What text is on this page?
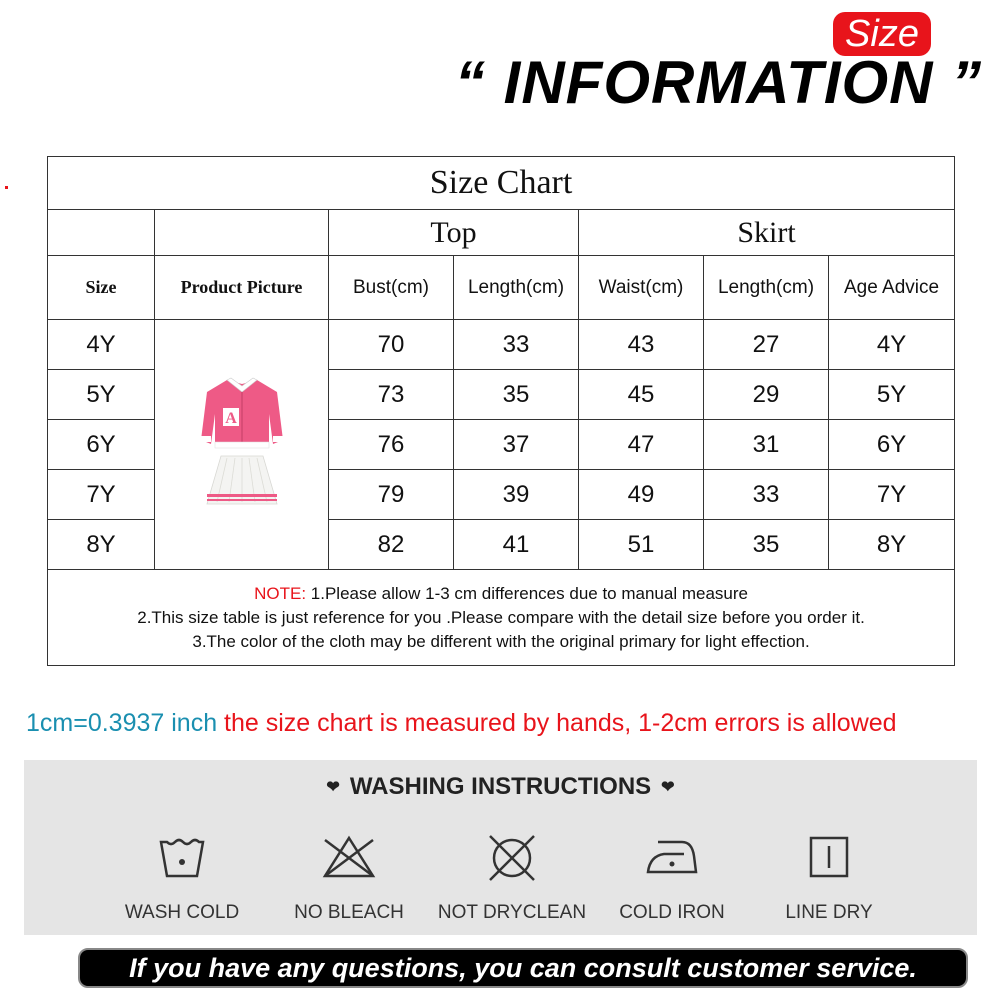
Size
“ INFORMATION ”
Size Chart						
		Top		Skirt		
Size	Product Picture	Bust(cm)	Length(cm)	Waist(cm)	Length(cm)	Age Advice
4Y	A	70	33	43	27	4Y
5Y		73	35	45	29	5Y
6Y		76	37	47	31	6Y
7Y		79	39	49	33	7Y
8Y		82	41	51	35	8Y

NOTE: 1.Please allow 1-3 cm differences due to manual measure
2.This size table is just reference for you .Please compare with the detail size before you order it.
3.The color of the cloth may be different with the original primary for light effection.						
1cm=0.3937 inch the size chart is measured by hands, 1-2cm errors is allowed
❤ WASHING INSTRUCTIONS ❤
WASH COLD	NO BLEACH	NOT DRYCLEAN	COLD IRON	LINE DRY
If you have any questions, you can consult customer service.
